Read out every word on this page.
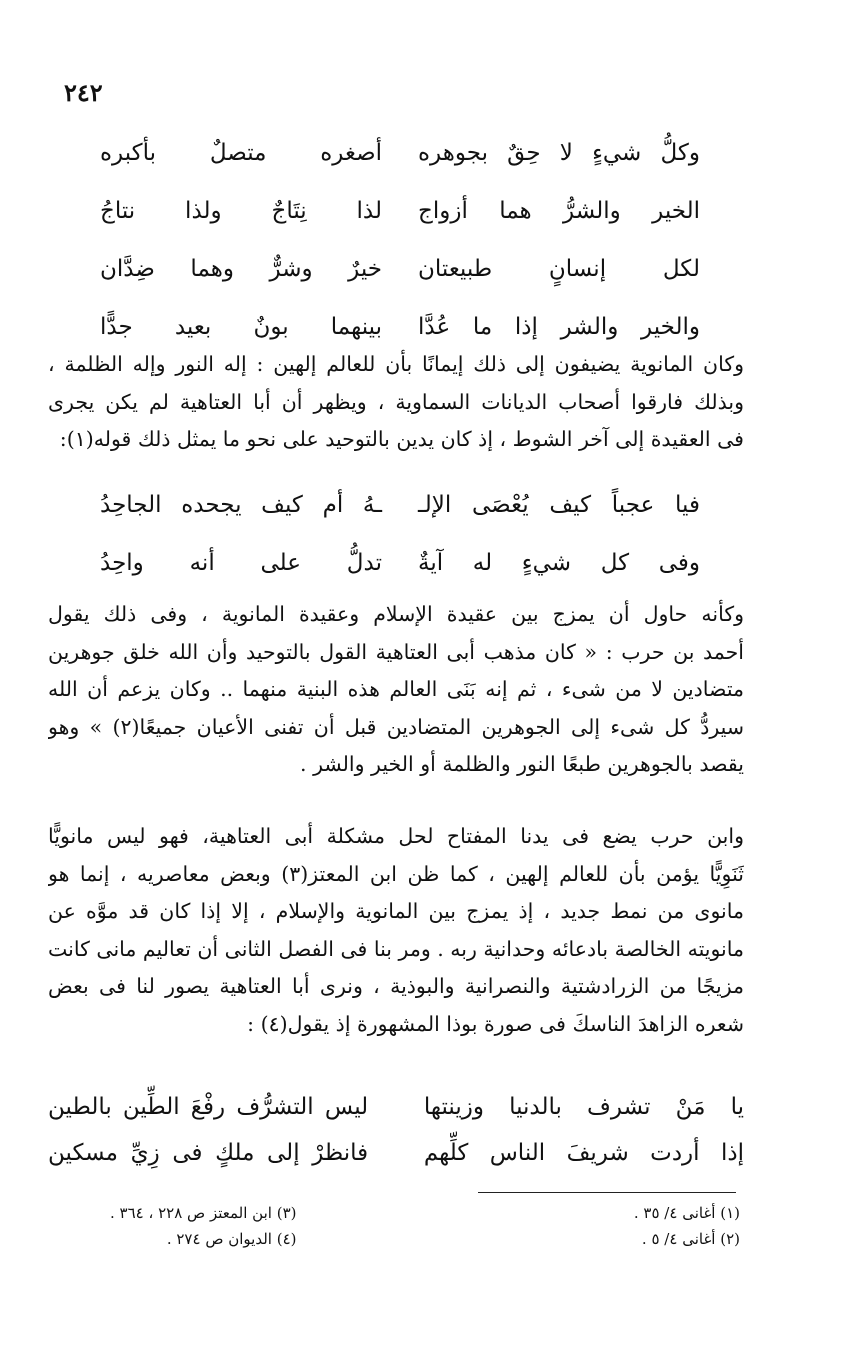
٢٤٢
وكلُّ شيءٍ لا حِقٌ بجوهره
أصغره متصلٌ بأكبره
الخير والشرُّ هما أزواج
لذا نِتَاجٌ ولذا نتاجُ
لكل إنسانٍ طبيعتان
خيرٌ وشرٌّ وهما ضِدَّان
والخير والشر إذا ما عُدَّا
بينهما بونٌ بعيد جدًّا
وكان المانوية يضيفون إلى ذلك إيمانًا بأن للعالم إلهين : إله النور وإله الظلمة ،
وبذلك فارقوا أصحاب الديانات السماوية ، ويظهر أن أبا العتاهية لم يكن يجرى
فى العقيدة إلى آخر الشوط ، إذ كان يدين بالتوحيد على نحو ما يمثل ذلك قوله(١):
فيا عجباً كيف يُعْصَى الإلـ
ـهُ أم كيف يجحده الجاحِدُ
وفى كل شيءٍ له آيةٌ
تدلُّ على أنه واحِدُ
وكأنه حاول أن يمزج بين عقيدة الإسلام وعقيدة المانوية ، وفى ذلك يقول
أحمد بن حرب : « كان مذهب أبى العتاهية القول بالتوحيد وأن الله خلق جوهرين
متضادين لا من شىء ، ثم إنه بَنَى العالم هذه البنية منهما .. وكان يزعم أن الله
سيردُّ كل شىء إلى الجوهرين المتضادين قبل أن تفنى الأعيان جميعًا(٢) » وهو
يقصد بالجوهرين طبعًا النور والظلمة أو الخير والشر .
وابن حرب يضع فى يدنا المفتاح لحل مشكلة أبى العتاهية، فهو ليس مانويًّا
ثَنَوِيًّا يؤمن بأن للعالم إلهين ، كما ظن ابن المعتز(٣) وبعض معاصريه ، إنما هو
مانوى من نمط جديد ، إذ يمزج بين المانوية والإسلام ، إلا إذا كان قد موَّه عن
مانويته الخالصة بادعائه وحدانية ربه . ومر بنا فى الفصل الثانى أن تعاليم مانى كانت
مزيجًا من الزرادشتية والنصرانية والبوذية ، ونرى أبا العتاهية يصور لنا فى بعض
شعره الزاهدَ الناسكَ فى صورة بوذا المشهورة إذ يقول(٤) :
يا مَنْ تشرف بالدنيا وزينتها
ليس التشرُّف رفْعَ الطِّين بالطين
إذا أردت شريفَ الناس كلِّهم
فانظرْ إلى ملكٍ فى زِيِّ مسكين
(١) أغانى ٤/ ٣٥ .
(٢) أغانى ٤/ ٥ .
(٣) ابن المعتز ص ٢٢٨ ، ٣٦٤ .
(٤) الديوان ص ٢٧٤ .
